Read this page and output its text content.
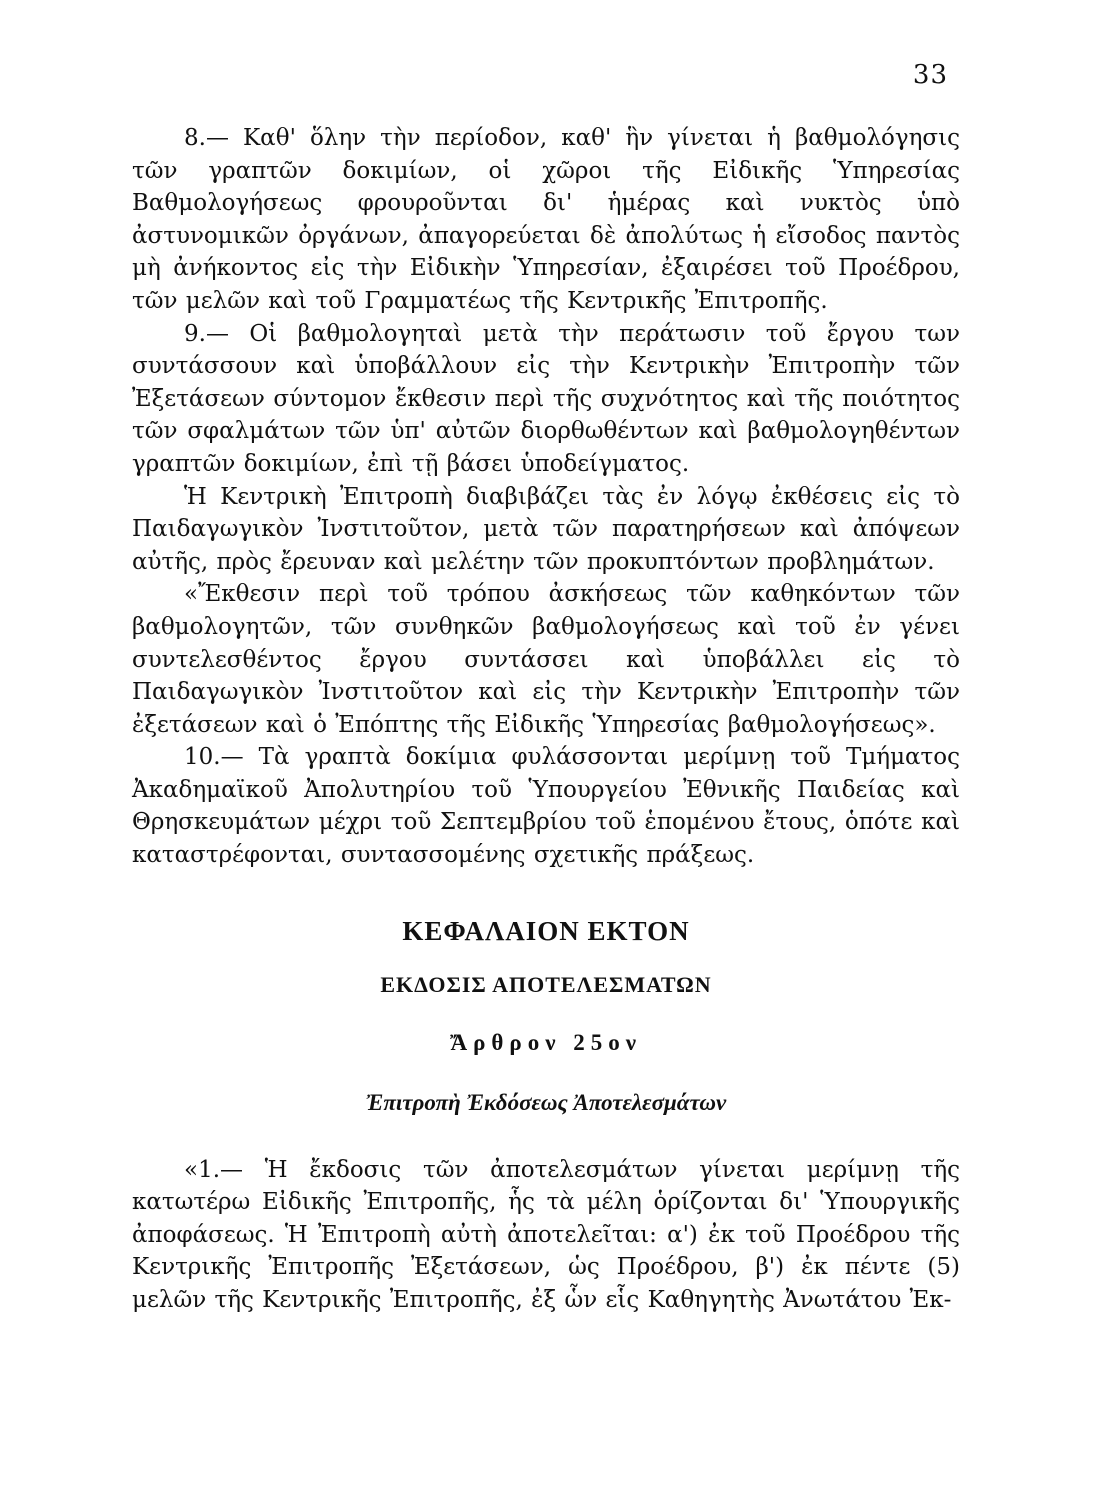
33

8.— Καθ' ὅλην τὴν περίοδον, καθ' ἣν γίνεται ἡ βαθμολόγησις τῶν γραπτῶν δοκιμίων, οἱ χῶροι τῆς Εἰδικῆς Ὑπηρεσίας Βαθμολογήσεως φρουροῦνται δι' ἡμέρας καὶ νυκτὸς ὑπὸ ἀστυνομικῶν ὀργάνων, ἀπαγορεύεται δὲ ἀπολύτως ἡ εἴσοδος παντὸς μὴ ἀνήκοντος εἰς τὴν Εἰδικὴν Ὑπηρεσίαν, ἐξαιρέσει τοῦ Προέδρου, τῶν μελῶν καὶ τοῦ Γραμματέως τῆς Κεντρικῆς Ἐπιτροπῆς.

9.— Οἱ βαθμολογηταὶ μετὰ τὴν περάτωσιν τοῦ ἔργου των συντάσσουν καὶ ὑποβάλλουν εἰς τὴν Κεντρικὴν Ἐπιτροπὴν τῶν Ἐξετάσεων σύντομον ἔκθεσιν περὶ τῆς συχνότητος καὶ τῆς ποιότητος τῶν σφαλμάτων τῶν ὑπ' αὐτῶν διορθωθέντων καὶ βαθμολογηθέντων γραπτῶν δοκιμίων, ἐπὶ τῇ βάσει ὑποδείγματος.

Ἡ Κεντρικὴ Ἐπιτροπὴ διαβιβάζει τὰς ἐν λόγῳ ἐκθέσεις εἰς τὸ Παιδαγωγικὸν Ἰνστιτοῦτον, μετὰ τῶν παρατηρήσεων καὶ ἀπόψεων αὐτῆς, πρὸς ἔρευναν καὶ μελέτην τῶν προκυπτόντων προβλημάτων.

«Ἔκθεσιν περὶ τοῦ τρόπου ἀσκήσεως τῶν καθηκόντων τῶν βαθμολογητῶν, τῶν συνθηκῶν βαθμολογήσεως καὶ τοῦ ἐν γένει συντελεσθέντος ἔργου συντάσσει καὶ ὑποβάλλει εἰς τὸ Παιδαγωγικὸν Ἰνστιτοῦτον καὶ εἰς τὴν Κεντρικὴν Ἐπιτροπὴν τῶν ἐξετάσεων καὶ ὁ Ἐπόπτης τῆς Εἰδικῆς Ὑπηρεσίας βαθμολογήσεως».

10.— Τὰ γραπτὰ δοκίμια φυλάσσονται μερίμνῃ τοῦ Τμήματος Ἀκαδημαϊκοῦ Ἀπολυτηρίου τοῦ Ὑπουργείου Ἐθνικῆς Παιδείας καὶ Θρησκευμάτων μέχρι τοῦ Σεπτεμβρίου τοῦ ἑπομένου ἔτους, ὁπότε καὶ καταστρέφονται, συντασσομένης σχετικῆς πράξεως.

ΚΕΦΑΛΑΙΟΝ ΕΚΤΟΝ
ΕΚΔΟΣΙΣ ΑΠΟΤΕΛΕΣΜΑΤΩΝ
Ἄρθρον 25ον
Ἐπιτροπὴ Ἐκδόσεως Ἀποτελεσμάτων

«1.— Ἡ ἔκδοσις τῶν ἀποτελεσμάτων γίνεται μερίμνῃ τῆς κατωτέρω Εἰδικῆς Ἐπιτροπῆς, ἧς τὰ μέλη ὁρίζονται δι' Ὑπουργικῆς ἀποφάσεως. Ἡ Ἐπιτροπὴ αὐτὴ ἀποτελεῖται: α') ἐκ τοῦ Προέδρου τῆς Κεντρικῆς Ἐπιτροπῆς Ἐξετάσεων, ὡς Προέδρου, β') ἐκ πέντε (5) μελῶν τῆς Κεντρικῆς Ἐπιτροπῆς, ἐξ ὧν εἷς Καθηγητὴς Ἀνωτάτου Ἐκ-
